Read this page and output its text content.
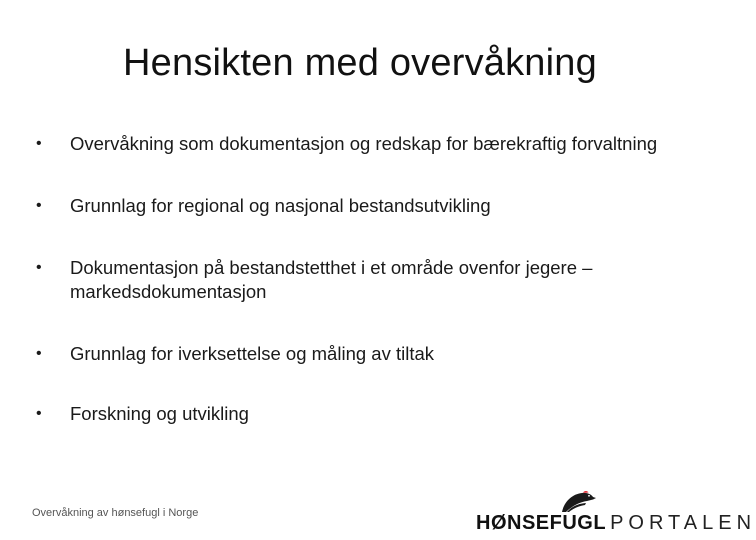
Hensikten med overvåkning
•	Overvåkning som dokumentasjon og redskap for bærekraftig forvaltning
•	Grunnlag for regional og nasjonal bestandsutvikling
•	Dokumentasjon på bestandstetthet i et område ovenfor jegere – markedsdokumentasjon
•	Grunnlag for iverksettelse og måling av tiltak
•	Forskning og utvikling
Overvåkning av hønsefugl i Norge	HØNSEFUGL PORTALEN
